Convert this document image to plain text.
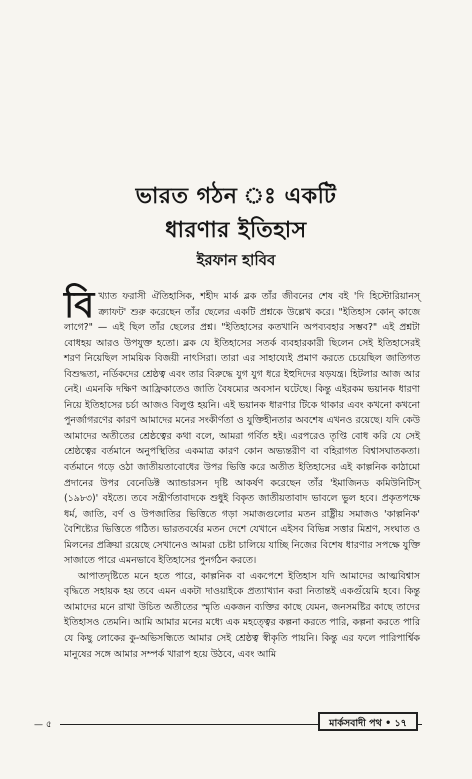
ভারত গঠন ঃ একটি

ধারণার ইতিহাস

ইরফান হাবিব

বিখ্যাত ফরাসী ঐতিহাসিক, শহীদ মার্ক ব্লক তাঁর জীবনের শেষ বই 'দি হিস্টোরিয়ানস্ ক্র্যাফট' শুরু করেছেন তাঁর ছেলের একটি প্রশ্নকে উল্লেখ করে। "ইতিহাস কোন্ কাজে লাগে?" — এই ছিল তাঁর ছেলের প্রশ্ন। "ইতিহাসের কতখানি অপব্যবহার সম্ভব?" এই প্রশ্নটা বোধহয় আরও উপযুক্ত হতো। ব্লক যে ইতিহাসের সতর্ক ব্যবহারকারী ছিলেন সেই ইতিহাসেরই শরণ নিয়েছিল সাময়িক বিজয়ী নাৎসিরা। তারা এর সাহায্যেই প্রমাণ করতে চেয়েছিল জাতিগত বিশুদ্ধতা, নর্ডিকদের শ্রেষ্ঠত্ব এবং তার বিরুদ্ধে যুগ যুগ ধরে ইহুদিদের ষড়যন্ত্র। হিটলার আজ আর নেই। এমনকি দক্ষিণ আফ্রিকাতেও জাতি বৈষম্যের অবসান ঘটেছে। কিন্তু এইরকম ভয়ানক ধারণা নিয়ে ইতিহাসের চর্চা আজও বিলুপ্ত হয়নি। এই ভয়ানক ধারণার টিকে থাকার এবং কখনো কখনো পুনর্জাগরণের কারণ আমাদের মনের সংকীর্ণতা ও যুক্তিহীনতার অবশেষ এখনও রয়েছে। যদি কেউ আমাদের অতীতের শ্রেষ্ঠত্বের কথা বলে, আমরা গর্বিত হই। এরপরেও তৃপ্তি বোধ করি যে সেই শ্রেষ্ঠত্বের বর্তমানে অনুপস্থিতির একমাত্র কারণ কোন অভ্যন্তরীণ বা বহিরাগত বিশ্বাসঘাতকতা। বর্তমানে গড়ে ওঠা জাতীয়তাবোধের উপর ভিত্তি করে অতীত ইতিহাসের এই কাল্পনিক কাঠামো প্রদানের উপর বেনেডিক্ট অ্যান্ডারসন দৃষ্টি আকর্ষণ করেছেন তাঁর 'ইমাজিনড কমিউনিটিস্ (১৯৮৩)' বইতে। তবে সন্ত্রীর্ণতাবাদকে শুধুই বিকৃত জাতীয়তাবাদ ভাবলে ভুল হবে। প্রকৃতপক্ষে ধর্ম, জাতি, বর্ণ ও উপজাতির ভিত্তিতে গড়া সমাজগুলোর মতন রাষ্ট্রীয় সমাজও 'কাল্পনিক' বৈশিষ্ট্যের ভিত্তিতে গঠিত। ভারতবর্ষের মতন দেশে যেখানে এইসব বিভিন্ন সত্তার মিশ্রণ, সংঘাত ও মিলনের প্রক্রিয়া রয়েছে সেখানেও আমরা চেষ্টা চালিয়ে যাচ্ছি নিজের বিশেষ ধারণার সপক্ষে যুক্তি সাজাতে পারে এমনভাবে ইতিহাসের পুনর্গঠন করতে।

আপাতদৃষ্টিতে মনে হতে পারে, কাল্পনিক বা একপেশে ইতিহাস যদি আমাদের আত্মবিশ্বাস বৃদ্ধিতে সহায়ক হয় তবে এমন একটা দাওয়াইকে প্রত্যাখ্যান করা নিতান্তই একগুঁয়েমি হবে। কিন্তু আমাদের মনে রাখা উচিত অতীতের স্মৃতি একজন ব্যক্তির কাছে যেমন, জনসমষ্টির কাছে তাদের ইতিহাসও তেমনি। আমি আমার মনের মধ্যে এক মহত্ত্বের কল্পনা করতে পারি, কল্পনা করতে পারি যে কিছু লোকের কু-অভিসন্ধিতে আমার সেই শ্রেষ্ঠত্ব স্বীকৃতি পায়নি। কিন্তু এর ফলে পারিপার্শ্বিক মানুষের সঙ্গে আমার সম্পর্ক খারাপ হয়ে উঠবে, এবং আমি

— ৫	মার্কসবাদী পথ • ১৭
